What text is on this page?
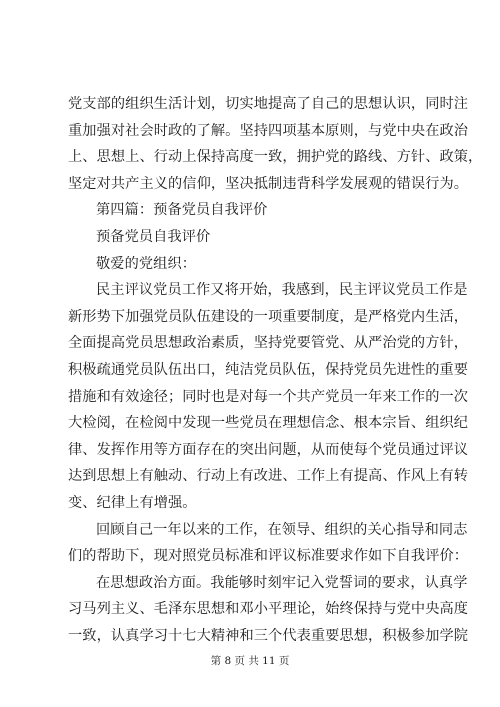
党支部的组织生活计划，切实地提高了自己的思想认识，同时注
重加强对社会时政的了解。坚持四项基本原则，与党中央在政治
上、思想上、行动上保持高度一致，拥护党的路线、方针、政策，
坚定对共产主义的信仰，坚决抵制违背科学发展观的错误行为。
第四篇：预备党员自我评价
预备党员自我评价
敬爱的党组织：
民主评议党员工作又将开始，我感到，民主评议党员工作是
新形势下加强党员队伍建设的一项重要制度，是严格党内生活，
全面提高党员思想政治素质，坚持党要管党、从严治党的方针，
积极疏通党员队伍出口，纯洁党员队伍，保持党员先进性的重要
措施和有效途径；同时也是对每一个共产党员一年来工作的一次
大检阅，在检阅中发现一些党员在理想信念、根本宗旨、组织纪
律、发挥作用等方面存在的突出问题，从而使每个党员通过评议
达到思想上有触动、行动上有改进、工作上有提高、作风上有转
变、纪律上有增强。
回顾自己一年以来的工作，在领导、组织的关心指导和同志
们的帮助下，现对照党员标准和评议标准要求作如下自我评价：
在思想政治方面。我能够时刻牢记入党誓词的要求，认真学
习马列主义、毛泽东思想和邓小平理论，始终保持与党中央高度
一致，认真学习十七大精神和三个代表重要思想，积极参加学院
第 8 页 共 11 页
